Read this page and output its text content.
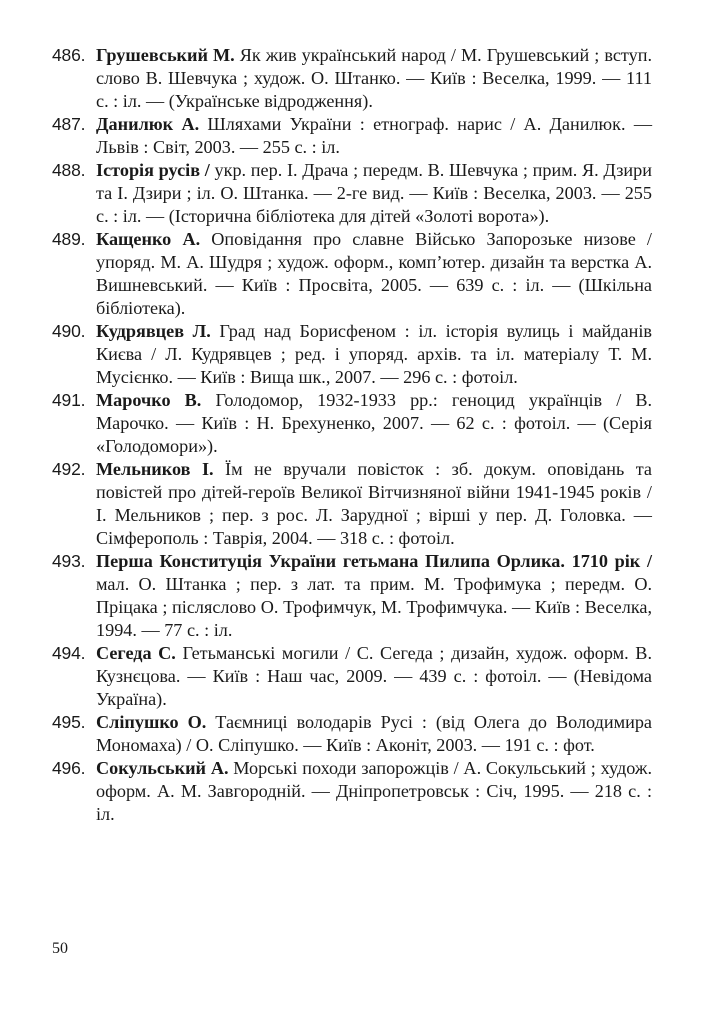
486. Грушевський М. Як жив український народ / М. Грушевський ; вступ. слово В. Шевчука ; худож. О. Штанко. — Київ : Веселка, 1999. — 111 с. : іл. — (Українське відродження).

487. Данилюк А. Шляхами України : етнограф. нарис / А. Данилюк. — Львів : Світ, 2003. — 255 с. : іл.

488. Історія русів / укр. пер. І. Драча ; передм. В. Шевчука ; прим. Я. Дзири та І. Дзири ; іл. О. Штанка. — 2-ге вид. — Київ : Веселка, 2003. — 255 с. : іл. — (Історична бібліотека для дітей «Золоті ворота»).

489. Кащенко А. Оповідання про славне Військо Запорозьке низове / упоряд. М. А. Шудря ; худож. оформ., комп’ютер. дизайн та верстка А. Вишневський. — Київ : Просвіта, 2005. — 639 с. : іл. — (Шкільна бібліотека).

490. Кудрявцев Л. Град над Борисфеном : іл. історія вулиць і майданів Києва / Л. Кудрявцев ; ред. і упоряд. архів. та іл. матеріалу Т. М. Мусієнко. — Київ : Вища шк., 2007. — 296 с. : фотоіл.

491. Марочко В. Голодомор, 1932-1933 рр.: геноцид українців / В. Марочко. — Київ : Н. Брехуненко, 2007. — 62 с. : фотоіл. — (Серія «Голодомори»).

492. Мельников І. Їм не вручали повісток : зб. докум. оповідань та повістей про дітей-героїв Великої Вітчизняної війни 1941-1945 років / І. Мельников ; пер. з рос. Л. Зарудної ; вірші у пер. Д. Головка. — Сімферополь : Таврія, 2004. — 318 с. : фотоіл.

493. Перша Конституція України гетьмана Пилипа Орлика. 1710 рік / мал. О. Штанка ; пер. з лат. та прим. М. Трофимука ; передм. О. Пріцака ; післяслово О. Трофимчук, М. Трофимчука. — Київ : Веселка, 1994. — 77 с. : іл.

494. Сегеда С. Гетьманські могили / С. Сегеда ; дизайн, худож. оформ. В. Кузнєцова. — Київ : Наш час, 2009. — 439 с. : фотоіл. — (Невідома Україна).

495. Сліпушко О. Таємниці володарів Русі : (від Олега до Володимира Мономаха) / О. Сліпушко. — Київ : Аконіт, 2003. — 191 с. : фот.

496. Сокульський А. Морські походи запорожців / А. Сокульський ; худож. оформ. А. М. Завгородній. — Дніпропетровськ : Січ, 1995. — 218 с. : іл.

50
